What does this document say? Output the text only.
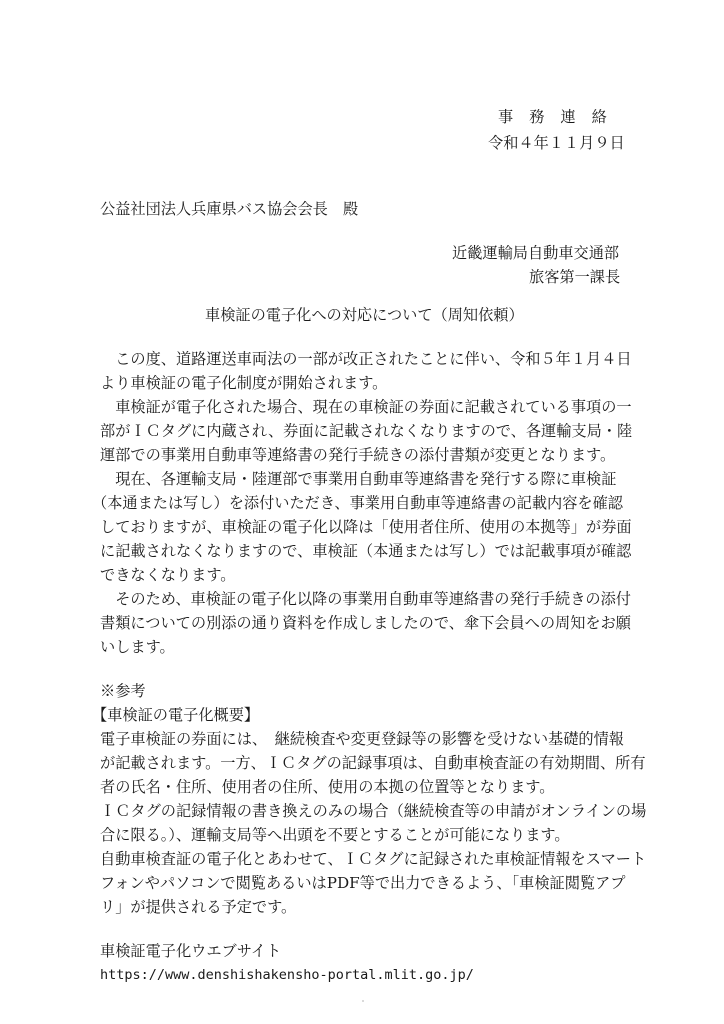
事務連絡
令和４年１１月９日
公益社団法人兵庫県バス協会会長　殿
近畿運輸局自動車交通部
旅客第一課長
車検証の電子化への対応について（周知依頼）
　この度、道路運送車両法の一部が改正されたことに伴い、令和５年１月４日
より車検証の電子化制度が開始されます。
　車検証が電子化された場合、現在の車検証の券面に記載されている事項の一
部がＩＣタグに内蔵され、券面に記載されなくなりますので、各運輸支局・陸
運部での事業用自動車等連絡書の発行手続きの添付書類が変更となります。
　現在、各運輸支局・陸運部で事業用自動車等連絡書を発行する際に車検証
（本通または写し）を添付いただき、事業用自動車等連絡書の記載内容を確認
しておりますが、車検証の電子化以降は「使用者住所、使用の本拠等」が券面
に記載されなくなりますので、車検証（本通または写し）では記載事項が確認
できなくなります。
　そのため、車検証の電子化以降の事業用自動車等連絡書の発行手続きの添付
書類についての別添の通り資料を作成しましたので、傘下会員への周知をお願
いします。
※参考
【車検証の電子化概要】
電子車検証の券面には、　継続検査や変更登録等の影響を受けない基礎的情報
が記載されます。一方、ＩＣタグの記録事項は、自動車検査証の有効期間、所有
者の氏名・住所、使用者の住所、使用の本拠の位置等となります。
ＩＣタグの記録情報の書き換えのみの場合（継続検査等の申請がオンラインの場
合に限る。）、運輸支局等へ出頭を不要とすることが可能になります。
自動車検査証の電子化とあわせて、ＩＣタグに記録された車検証情報をスマート
フォンやパソコンで閲覧あるいはPDF等で出力できるよう、「車検証閲覧アプ
リ」が提供される予定です。
車検証電子化ウエブサイト
https://www.denshishakensho-portal.mlit.go.jp/
